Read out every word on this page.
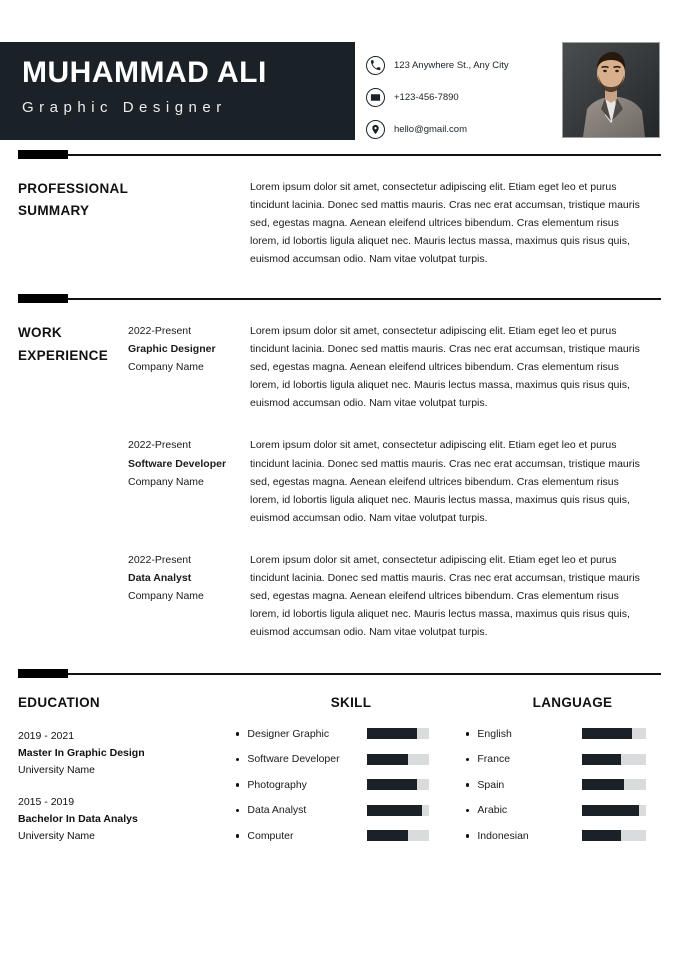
MUHAMMAD ALI
Graphic Designer
123 Anywhere St., Any City
+123-456-7890
hello@gmail.com
PROFESSIONAL
SUMMARY
Lorem ipsum dolor sit amet, consectetur adipiscing elit. Etiam eget leo et purus tincidunt lacinia. Donec sed mattis mauris. Cras nec erat accumsan, tristique mauris sed, egestas magna. Aenean eleifend ultrices bibendum. Cras elementum risus lorem, id lobortis ligula aliquet nec. Mauris lectus massa, maximus quis risus quis, euismod accumsan odio. Nam vitae volutpat turpis.
WORK
EXPERIENCE
2022-Present
Graphic Designer
Company Name
Lorem ipsum dolor sit amet, consectetur adipiscing elit. Etiam eget leo et purus tincidunt lacinia. Donec sed mattis mauris. Cras nec erat accumsan, tristique mauris sed, egestas magna. Aenean eleifend ultrices bibendum. Cras elementum risus lorem, id lobortis ligula aliquet nec. Mauris lectus massa, maximus quis risus quis, euismod accumsan odio. Nam vitae volutpat turpis.
2022-Present
Software Developer
Company Name
Lorem ipsum dolor sit amet, consectetur adipiscing elit. Etiam eget leo et purus tincidunt lacinia. Donec sed mattis mauris. Cras nec erat accumsan, tristique mauris sed, egestas magna. Aenean eleifend ultrices bibendum. Cras elementum risus lorem, id lobortis ligula aliquet nec. Mauris lectus massa, maximus quis risus quis, euismod accumsan odio. Nam vitae volutpat turpis.
2022-Present
Data Analyst
Company Name
Lorem ipsum dolor sit amet, consectetur adipiscing elit. Etiam eget leo et purus tincidunt lacinia. Donec sed mattis mauris. Cras nec erat accumsan, tristique mauris sed, egestas magna. Aenean eleifend ultrices bibendum. Cras elementum risus lorem, id lobortis ligula aliquet nec. Mauris lectus massa, maximus quis risus quis, euismod accumsan odio. Nam vitae volutpat turpis.
EDUCATION
2019 - 2021
Master In Graphic Design
University Name
2015 - 2019
Bachelor In Data Analys
University Name
SKILL
Designer Graphic
Software Developer
Photography
Data Analyst
Computer
LANGUAGE
English
France
Spain
Arabic
Indonesian
